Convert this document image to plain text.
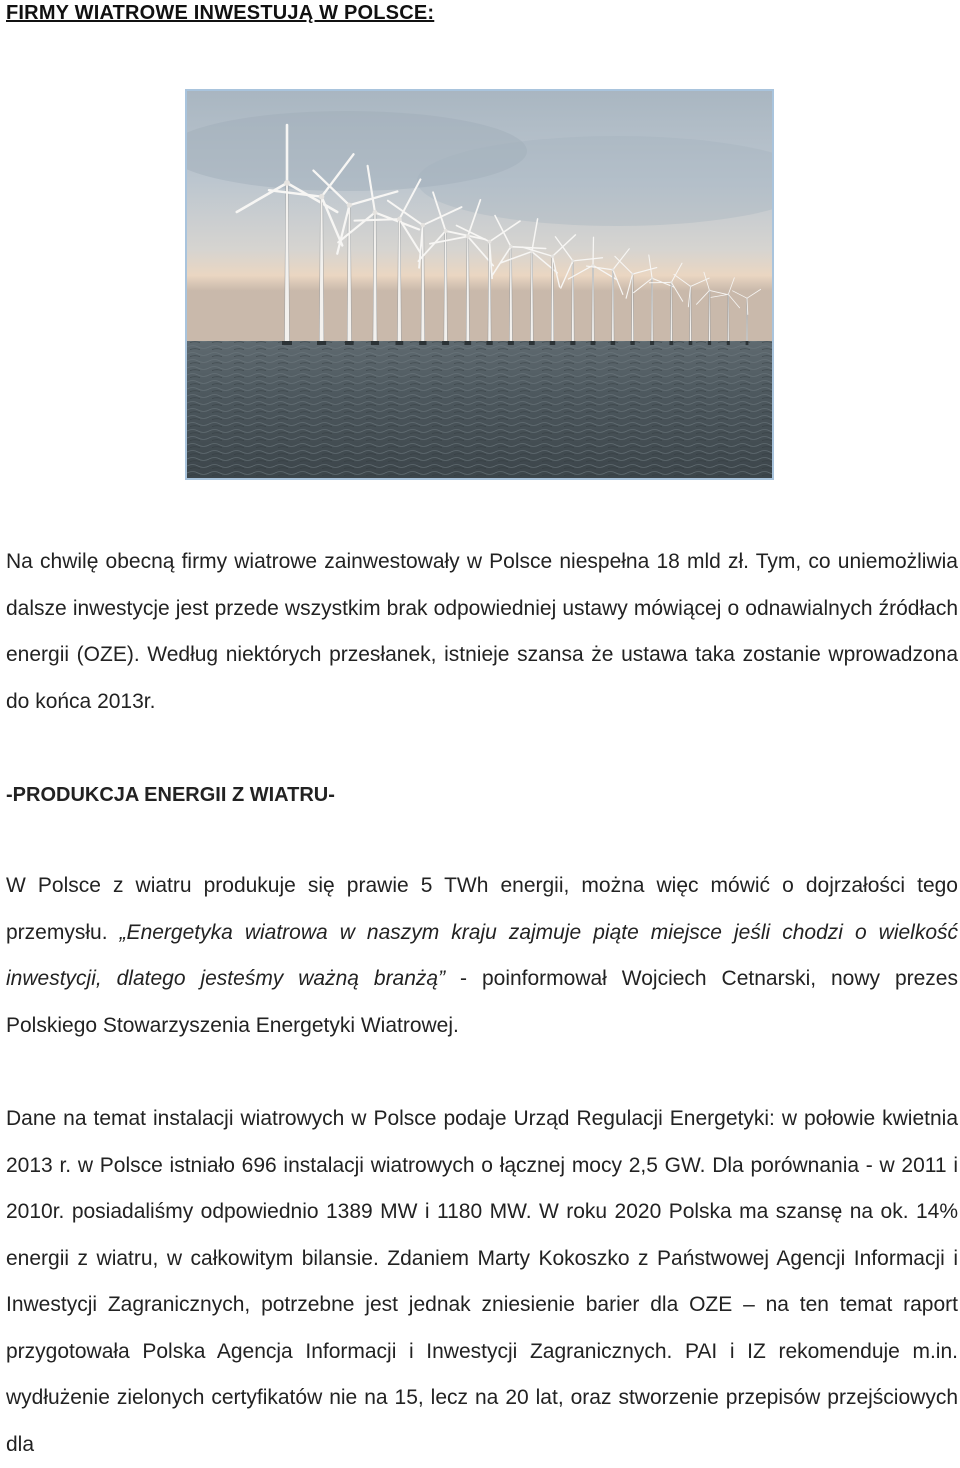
FIRMY WIATROWE INWESTUJĄ W POLSCE:

Na chwilę obecną firmy wiatrowe zainwestowały w Polsce niespełna 18 mld zł. Tym, co uniemożliwia dalsze inwestycje jest przede wszystkim brak odpowiedniej ustawy mówiącej o odnawialnych źródłach energii (OZE). Według niektórych przesłanek, istnieje szansa że ustawa taka zostanie wprowadzona do końca 2013r.

-PRODUKCJA ENERGII Z WIATRU-

W Polsce z wiatru produkuje się prawie 5 TWh energii, można więc mówić o dojrzałości tego przemysłu. „Energetyka wiatrowa w naszym kraju zajmuje piąte miejsce jeśli chodzi o wielkość inwestycji, dlatego jesteśmy ważną branżą” - poinformował Wojciech Cetnarski, nowy prezes Polskiego Stowarzyszenia Energetyki Wiatrowej.

Dane na temat instalacji wiatrowych w Polsce podaje Urząd Regulacji Energetyki: w połowie kwietnia 2013 r. w Polsce istniało 696 instalacji wiatrowych o łącznej mocy 2,5 GW. Dla porównania - w 2011 i 2010r. posiadaliśmy odpowiednio 1389 MW i 1180 MW. W roku 2020 Polska ma szansę na ok. 14% energii z wiatru, w całkowitym bilansie. Zdaniem Marty Kokoszko z Państwowej Agencji Informacji i Inwestycji Zagranicznych, potrzebne jest jednak zniesienie barier dla OZE – na ten temat raport przygotowała Polska Agencja Informacji i Inwestycji Zagranicznych. PAI i IZ rekomenduje m.in. wydłużenie zielonych certyfikatów nie na 15, lecz na 20 lat, oraz stworzenie przepisów przejściowych dla
